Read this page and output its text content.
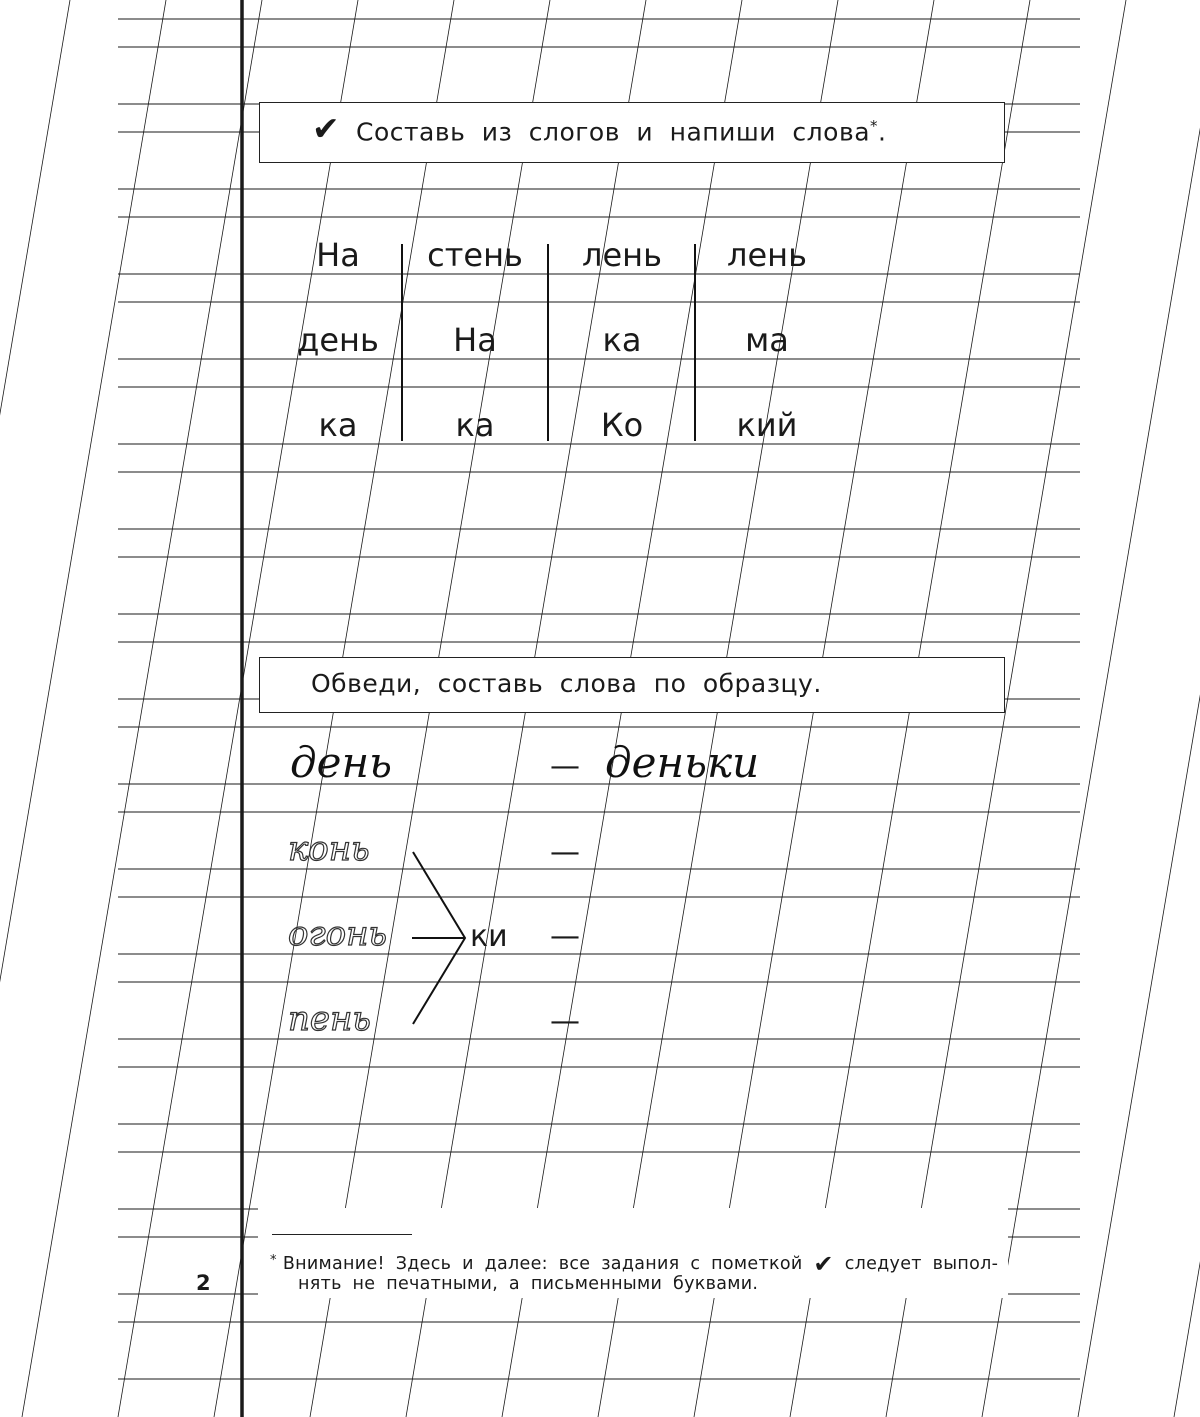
✔ Составь из слогов и напиши слова*.
На
день
ка
стень
На
ка
лень
ка
Ко
лень
ма
кий
Обведи, составь слова по образцу.
день	— деньки
конь
огонь
пень
ки
—
—
—
* Внимание! Здесь и далее: все задания с пометкой ✔ следует выпол-
нять не печатными, а письменными буквами.
2
